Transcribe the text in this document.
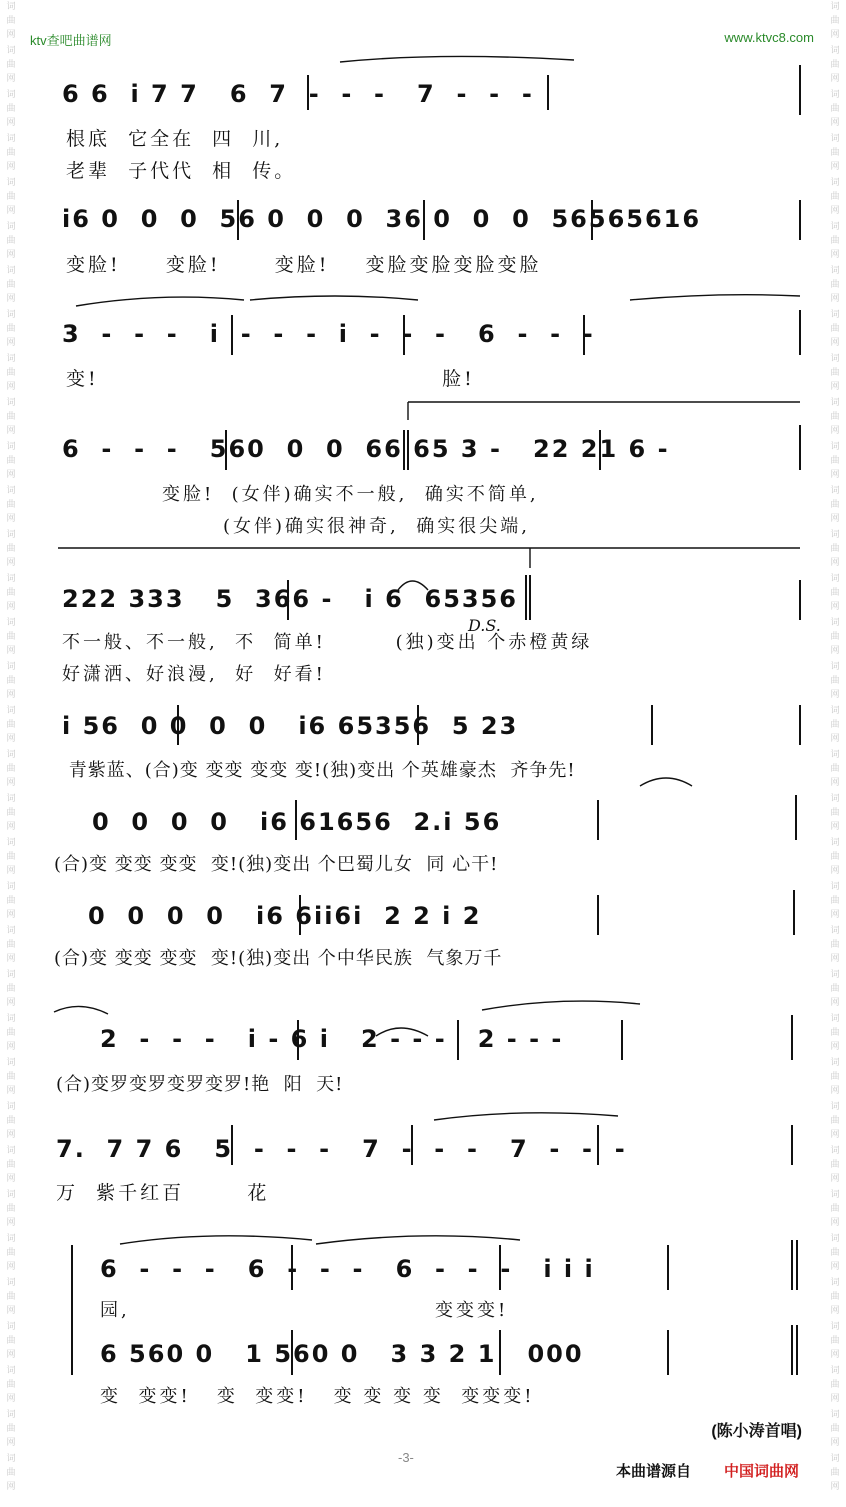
词
曲
网
词
曲
网
词
曲
网
词
曲
网
词
曲
网
词
曲
网
词
曲
网
词
曲
网
词
曲
网
词
曲
网
词
曲
网
词
曲
网
词
曲
网
词
曲
网
词
曲
网
词
曲
网
词
曲
网
词
曲
网
词
曲
网
词
曲
网
词
曲
网
词
曲
网
词
曲
网
词
曲
网
词
曲
网
词
曲
网
词
曲
网
词
曲
网
词
曲
网
词
曲
网
词
曲
网
词
曲
网
词
曲
网
词
曲
网
词
曲
网
词
曲
网
词
曲
网
词
曲
网
词
曲
网
词
曲
网
词
曲
网
词
曲
网
词
曲
网
词
曲
网
词
曲
网
词
曲
网
词
曲
网
词
曲
网
词
曲
网
词
曲
网
词
曲
网
词
曲
网
词
曲
网
词
曲
网
词
曲
网
词
曲
网
词
曲
网
词
曲
网
词
曲
网
词
曲
网
词
曲
网
词
曲
网
词
曲
网
词
曲
网
词
曲
网
词
曲
网
词
曲
网
词
曲
网
ktv查吧曲谱网	www.ktvc8.com
6 6  i 7 7   6  7  -  -  -   7  -  -  -
根底  它全在  四  川,
老辈  子代代  相  传。
i6 0  0  0  56 0  0  0  36 0  0  0  56565616
变脸!     变脸!      变脸!    变脸变脸变脸变脸
3  -  -  -   i  -  -  -  i  -  -  -   6  -  -  -
变!                                      脸!
6  -  -  -   560  0  0  66 65 3 -   22 21 6 -
变脸!  (女伴)确实不一般,  确实不简单,
(女伴)确实很神奇,  确实很尖端,
222 333   5  366 -   i 6  65356
不一般、不一般,  不  简单!        (独)变出 个赤橙黄绿
好潇洒、好浪漫,  好  好看!
D.S.
i 56  0 0  0  0   i6 65356  5 23
青紫蓝、(合)变 变变 变变 变!(独)变出 个英雄豪杰  齐争先!
0  0  0  0   i6 61656  2.i 56
(合)变 变变 变变  变!(独)变出 个巴蜀儿女  同 心干!
0  0  0  0   i6 6ii6i  2 2 i 2
(合)变 变变 变变  变!(独)变出 个中华民族  气象万千
2  -  -  -   i - 6 i   2 - - -   2 - - -
(合)变罗变罗变罗变罗!艳  阳  天!
7.  7 7 6   5  -  -  -   7  -  -  -   7  -  -  -
万  紫千红百       花
6  -  -  -   6  -  -  -   6  -  -  -   i i i
园,                                   变变变!
6 560 0   1 560 0   3 3 2 1   000
变  变变!   变  变变!   变 变 变 变  变变变!
(陈小涛首唱)
-3-
本曲谱源自 中国词曲网
